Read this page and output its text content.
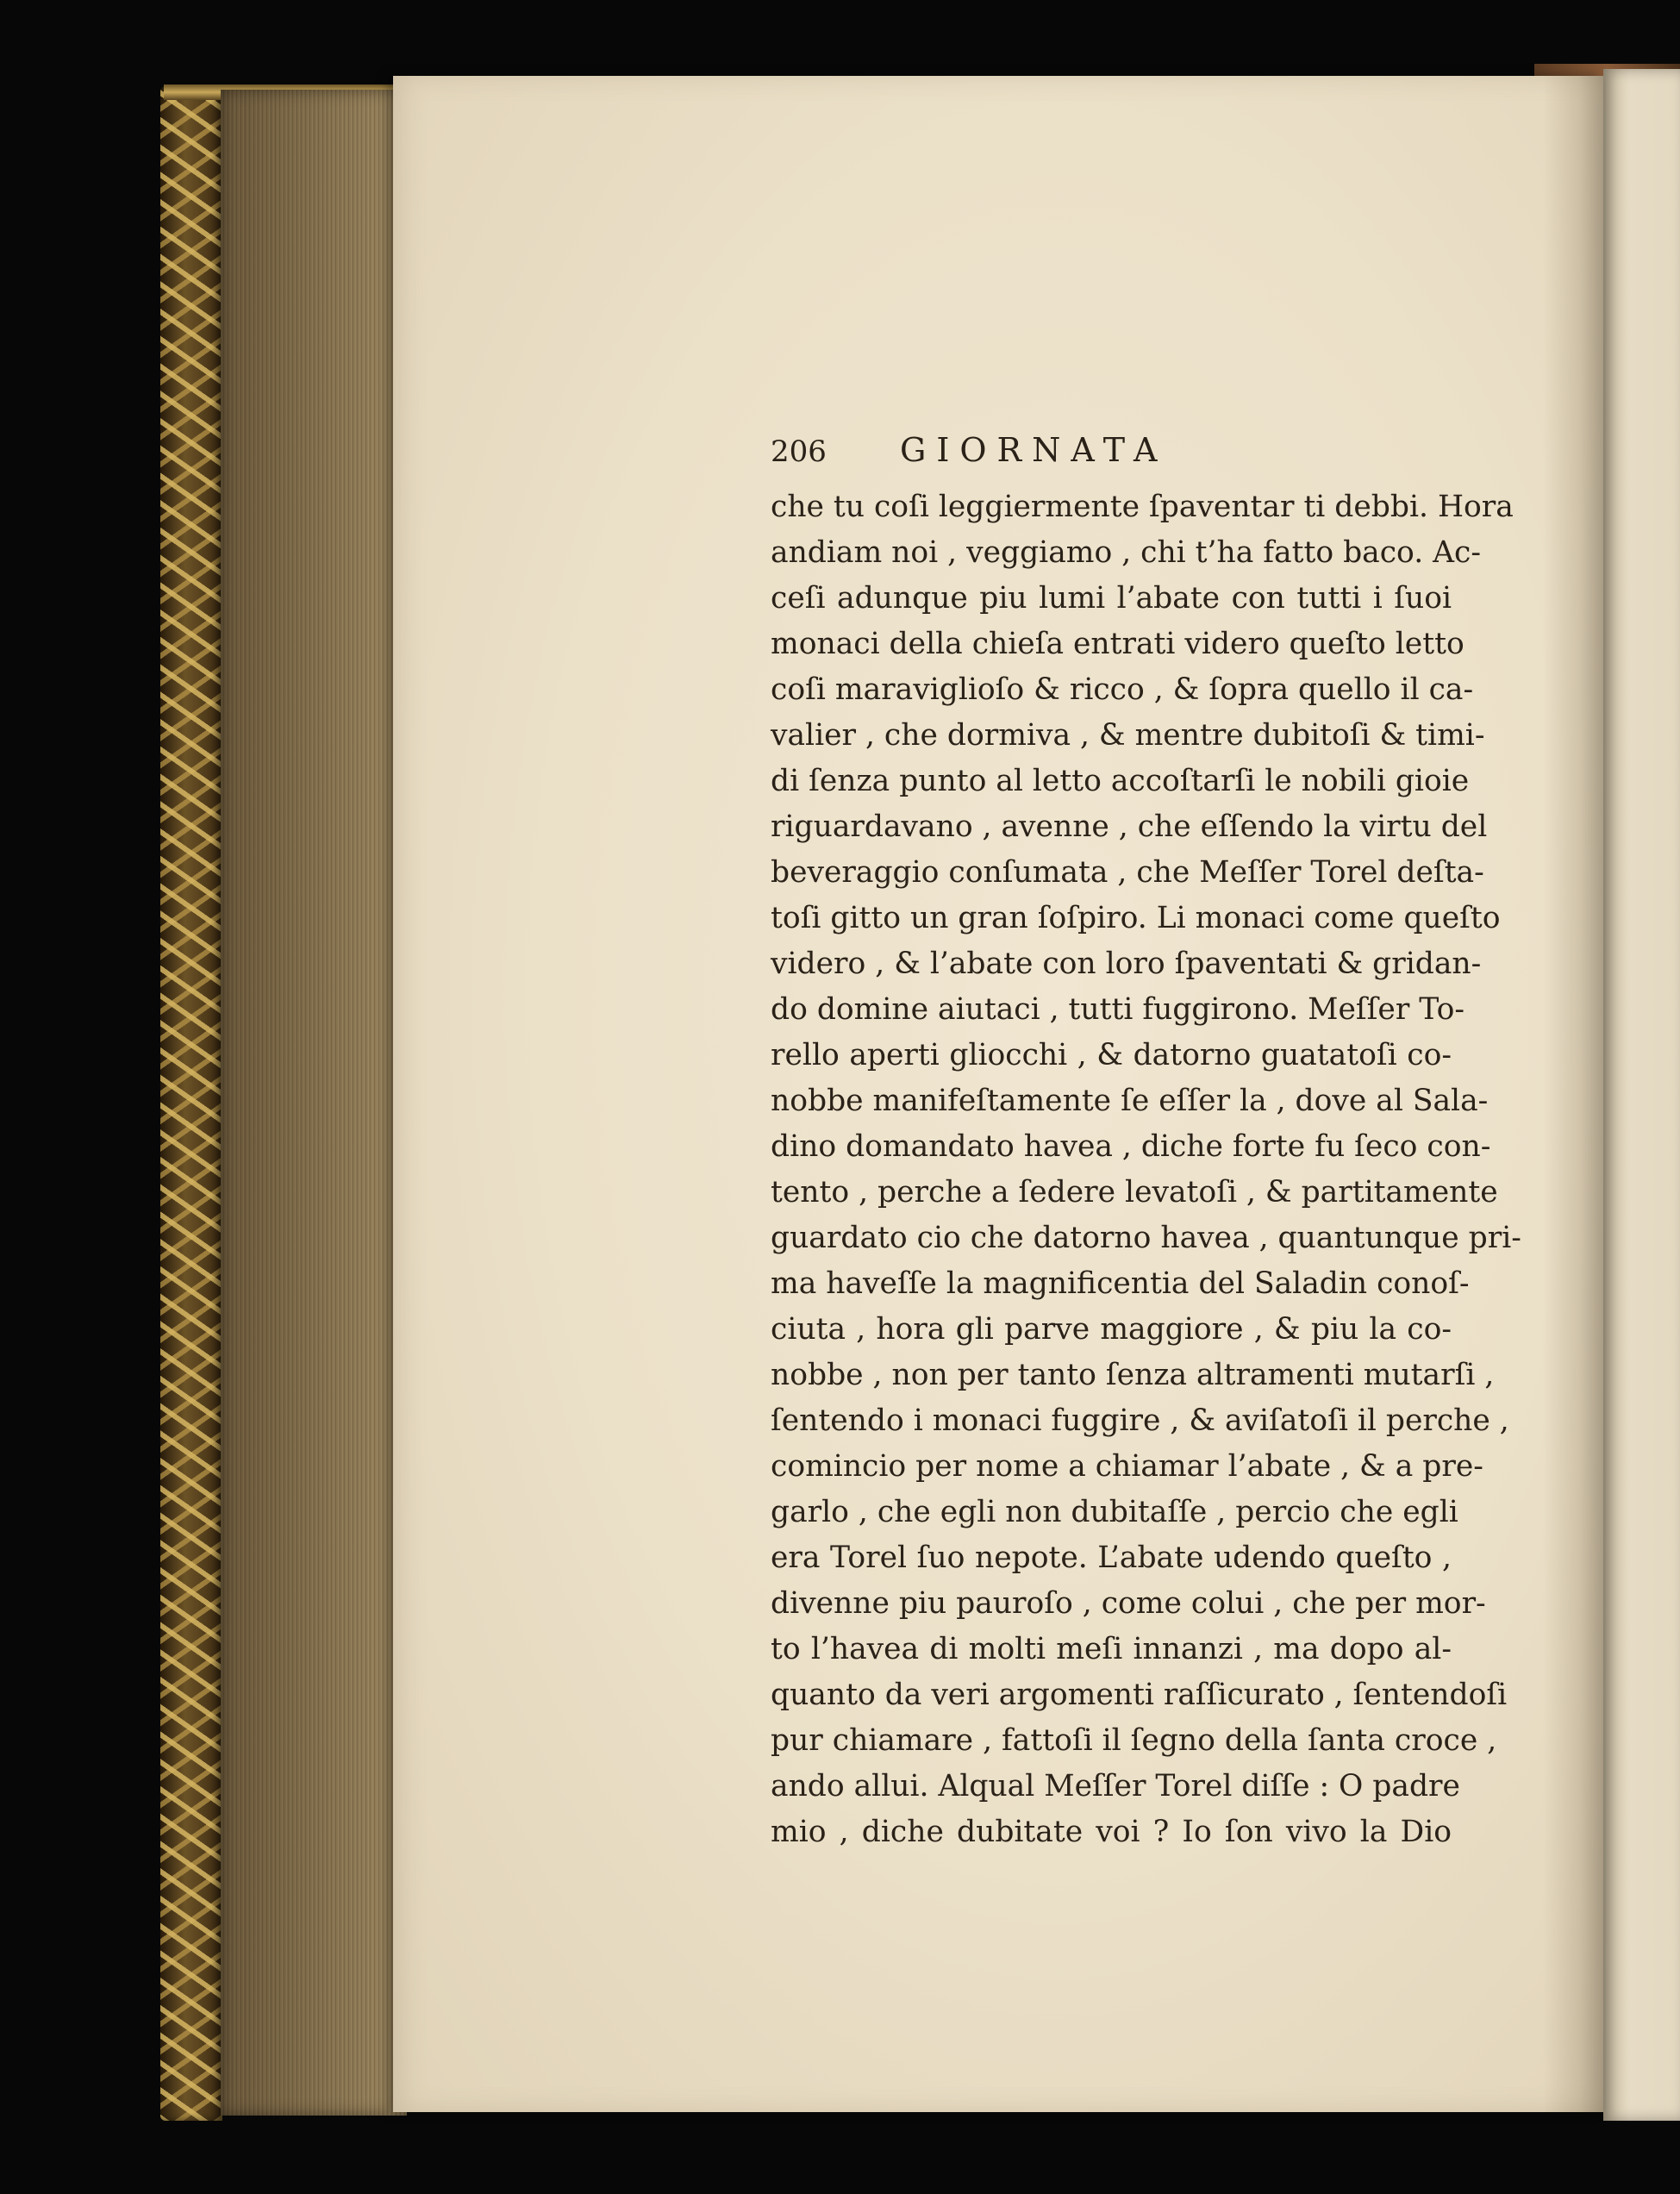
206	GIORNATA
che tu coſi leggiermente ſpaventar ti debbi. Hora
andiam noi , veggiamo , chi t’ha fatto baco. Ac-
ceſi adunque piu lumi l’abate con tutti i ſuoi
monaci della chieſa entrati videro queſto letto
coſi maraviglioſo & ricco , & ſopra quello il ca-
valier , che dormiva , & mentre dubitoſi & timi-
di ſenza punto al letto accoſtarſi le nobili gioie
riguardavano , avenne , che eſſendo la virtu del
beveraggio conſumata , che Meſſer Torel deſta-
toſi gitto un gran ſoſpiro. Li monaci come queſto
videro , & l’abate con loro ſpaventati & gridan-
do domine aiutaci , tutti fuggirono. Meſſer To-
rello aperti gliocchi , & datorno guatatoſi co-
nobbe manifeſtamente ſe eſſer la , dove al Sala-
dino domandato havea , diche forte fu ſeco con-
tento , perche a ſedere levatoſi , & partitamente
guardato cio che datorno havea , quantunque pri-
ma haveſſe la magnificentia del Saladin conoſ-
ciuta , hora gli parve maggiore , & piu la co-
nobbe , non per tanto ſenza altramenti mutarſi ,
ſentendo i monaci fuggire , & aviſatoſi il perche ,
comincio per nome a chiamar l’abate , & a pre-
garlo , che egli non dubitaſſe , percio che egli
era Torel ſuo nepote. L’abate udendo queſto ,
divenne piu pauroſo , come colui , che per mor-
to l’havea di molti meſi innanzi , ma dopo al-
quanto da veri argomenti raſſicurato , ſentendoſi
pur chiamare , fattoſi il ſegno della ſanta croce ,
ando allui. Alqual Meſſer Torel diſſe : O padre
mio , diche dubitate voi ? Io ſon vivo la Dio
